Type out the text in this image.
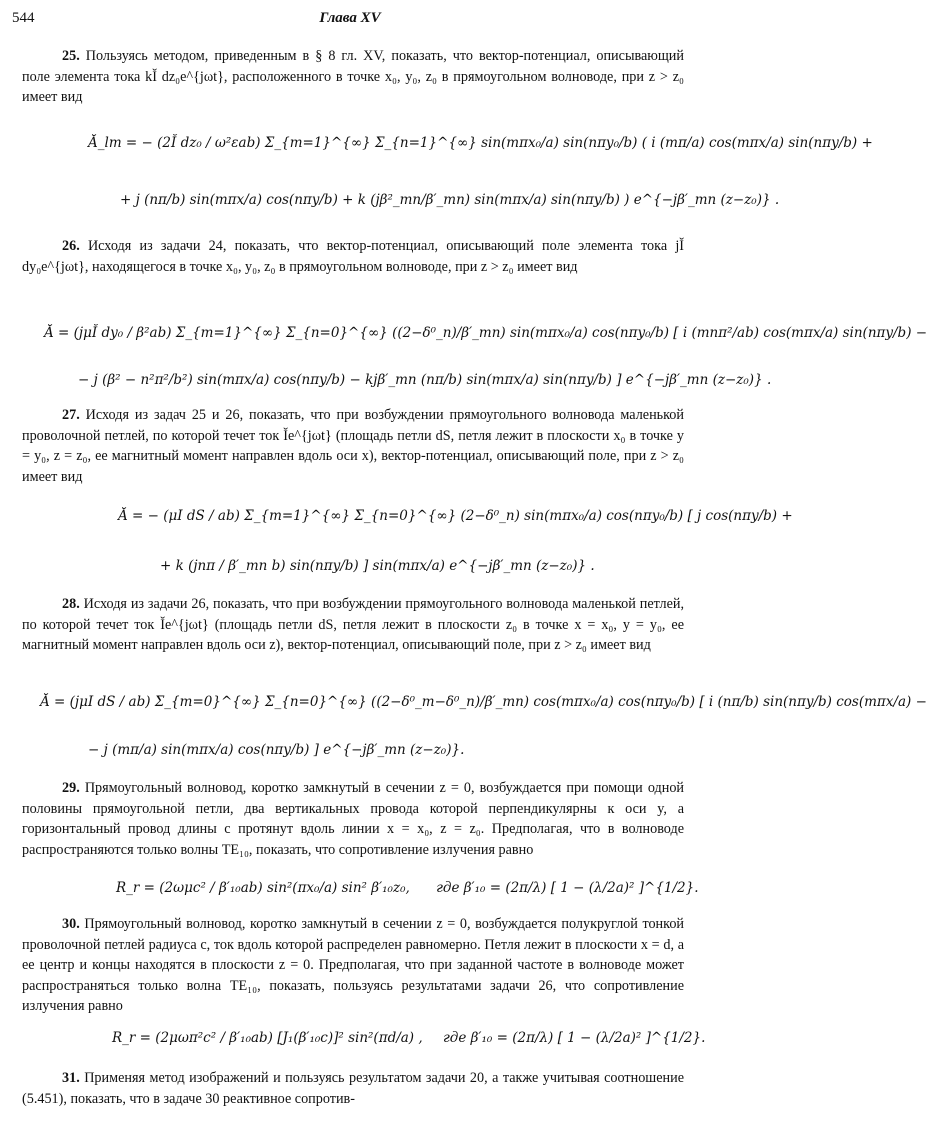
544	Глава XV
25. Пользуясь методом, приведенным в § 8 гл. XV, показать, что вектор-потенциал, описывающий поле элемента тока kĬ dz₀e^{jωt}, расположенного в точке x₀, y₀, z₀ в прямоугольном волноводе, при z > z₀ имеет вид
Ă_lm = − (2Ĭ dz₀ / ω²εab) Σ_{m=1}^{∞} Σ_{n=1}^{∞} sin(mπx₀/a) sin(nπy₀/b) ( i (mπ/a) cos(mπx/a) sin(nπy/b) +
+ j (nπ/b) sin(mπx/a) cos(nπy/b) + k (jβ²_mn/β′_mn) sin(mπx/a) sin(nπy/b) ) e^{−jβ′_mn (z−z₀)} .
26. Исходя из задачи 24, показать, что вектор-потенциал, описывающий поле элемента тока jĬ dy₀e^{jωt}, находящегося в точке x₀, y₀, z₀ в прямоугольном волноводе, при z > z₀ имеет вид
Ă = (jμĬ dy₀ / β²ab) Σ_{m=1}^{∞} Σ_{n=0}^{∞} ((2−δ⁰_n)/β′_mn) sin(mπx₀/a) cos(nπy₀/b) [ i (mnπ²/ab) cos(mπx/a) sin(nπy/b) −
− j (β² − n²π²/b²) sin(mπx/a) cos(nπy/b) − kjβ′_mn (nπ/b) sin(mπx/a) sin(nπy/b) ] e^{−jβ′_mn (z−z₀)} .
27. Исходя из задач 25 и 26, показать, что при возбуждении прямоугольного волновода маленькой проволочной петлей, по которой течет ток Ĭe^{jωt} (площадь петли dS, петля лежит в плоскости x₀ в точке y = y₀, z = z₀, ее магнитный момент направлен вдоль оси x), вектор-потенциал, описывающий поле, при z > z₀ имеет вид
Ă = − (μI dS / ab) Σ_{m=1}^{∞} Σ_{n=0}^{∞} (2−δ⁰_n) sin(mπx₀/a) cos(nπy₀/b) [ j cos(nπy/b) +
+ k (jnπ / β′_mn b) sin(nπy/b) ] sin(mπx/a) e^{−jβ′_mn (z−z₀)} .
28. Исходя из задачи 26, показать, что при возбуждении прямоугольного волновода маленькой петлей, по которой течет ток Ĭe^{jωt} (площадь петли dS, петля лежит в плоскости z₀ в точке x = x₀, y = y₀, ее магнитный момент направлен вдоль оси z), вектор-потенциал, описывающий поле, при z > z₀ имеет вид
Ă = (jμI dS / ab) Σ_{m=0}^{∞} Σ_{n=0}^{∞} ((2−δ⁰_m−δ⁰_n)/β′_mn) cos(mπx₀/a) cos(nπy₀/b) [ i (nπ/b) sin(nπy/b) cos(mπx/a) −
− j (mπ/a) sin(mπx/a) cos(nπy/b) ] e^{−jβ′_mn (z−z₀)}.
29. Прямоугольный волновод, коротко замкнутый в сечении z = 0, возбуждается при помощи одной половины прямоугольной петли, два вертикальных провода которой перпендикулярны к оси y, а горизонтальный провод длины c протянут вдоль линии x = x₀, z = z₀. Предполагая, что в волноводе распространяются только волны TE₁₀, показать, что сопротивление излучения равно
R_r = (2ωμc² / β′₁₀ab) sin²(πx₀/a) sin² β′₁₀z₀, где β′₁₀ = (2π/λ) [ 1 − (λ/2a)² ]^{1/2}.
30. Прямоугольный волновод, коротко замкнутый в сечении z = 0, возбуждается полукруглой тонкой проволочной петлей радиуса c, ток вдоль которой распределен равномерно. Петля лежит в плоскости x = d, а ее центр и концы находятся в плоскости z = 0. Предполагая, что при заданной частоте в волноводе может распространяться только волна TE₁₀, показать, пользуясь результатами задачи 26, что сопротивление излучения равно
R_r = (2μωπ²c² / β′₁₀ab) [J₁(β′₁₀c)]² sin²(πd/a) , где β′₁₀ = (2π/λ) [ 1 − (λ/2a)² ]^{1/2}.
31. Применяя метод изображений и пользуясь результатом задачи 20, а также учитывая соотношение (5.451), показать, что в задаче 30 реактивное сопротив-
